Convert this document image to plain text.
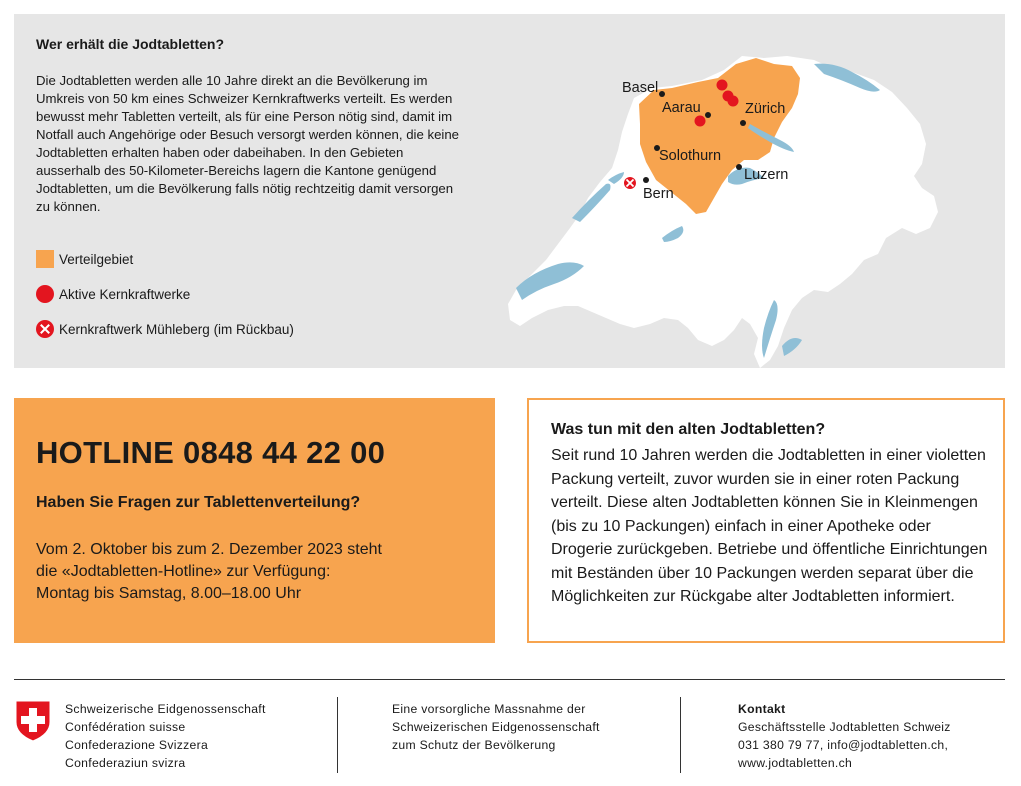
Wer erhält die Jodtabletten?

Die Jodtabletten werden alle 10 Jahre direkt an die Bevölkerung im Umkreis von 50 km eines Schweizer Kernkraftwerks verteilt. Es werden bewusst mehr Tabletten verteilt, als für eine Person nötig sind, damit im Notfall auch Angehörige oder Besuch versorgt werden können, die keine Jodtabletten erhalten haben oder dabeihaben. In den Gebieten ausserhalb des 50-Kilometer-Bereichs lagern die Kantone genügend Jodtabletten, um die Bevölkerung falls nötig rechtzeitig damit versorgen zu können.

Verteilgebiet
Aktive Kernkraftwerke
Kernkraftwerk Mühleberg (im Rückbau)
Basel
Aarau	Zürich
Solothurn
Luzern
Bern
HOTLINE 0848 44 22 00
Haben Sie Fragen zur Tablettenverteilung?
Vom 2. Oktober bis zum 2. Dezember 2023 steht
die «Jodtabletten-Hotline» zur Verfügung:
Montag bis Samstag, 8.00–18.00 Uhr
Was tun mit den alten Jodtabletten?

Seit rund 10 Jahren werden die Jodtabletten in einer violetten Packung verteilt, zuvor wurden sie in einer roten Packung verteilt. Diese alten Jodtabletten können Sie in Kleinmengen (bis zu 10 Packungen) einfach in einer Apotheke oder Drogerie zurückgeben. Betriebe und öffentliche Einrichtungen mit Beständen über 10 Packungen werden separat über die Möglichkeiten zur Rückgabe alter Jodtabletten informiert.

Schweizerische Eidgenossenschaft
Confédération suisse
Confederazione Svizzera
Confederaziun svizra
Eine vorsorgliche Massnahme der
Schweizerischen Eidgenossenschaft
zum Schutz der Bevölkerung
Kontakt
Geschäftsstelle Jodtabletten Schweiz
031 380 79 77, info@jodtabletten.ch,
www.jodtabletten.ch
